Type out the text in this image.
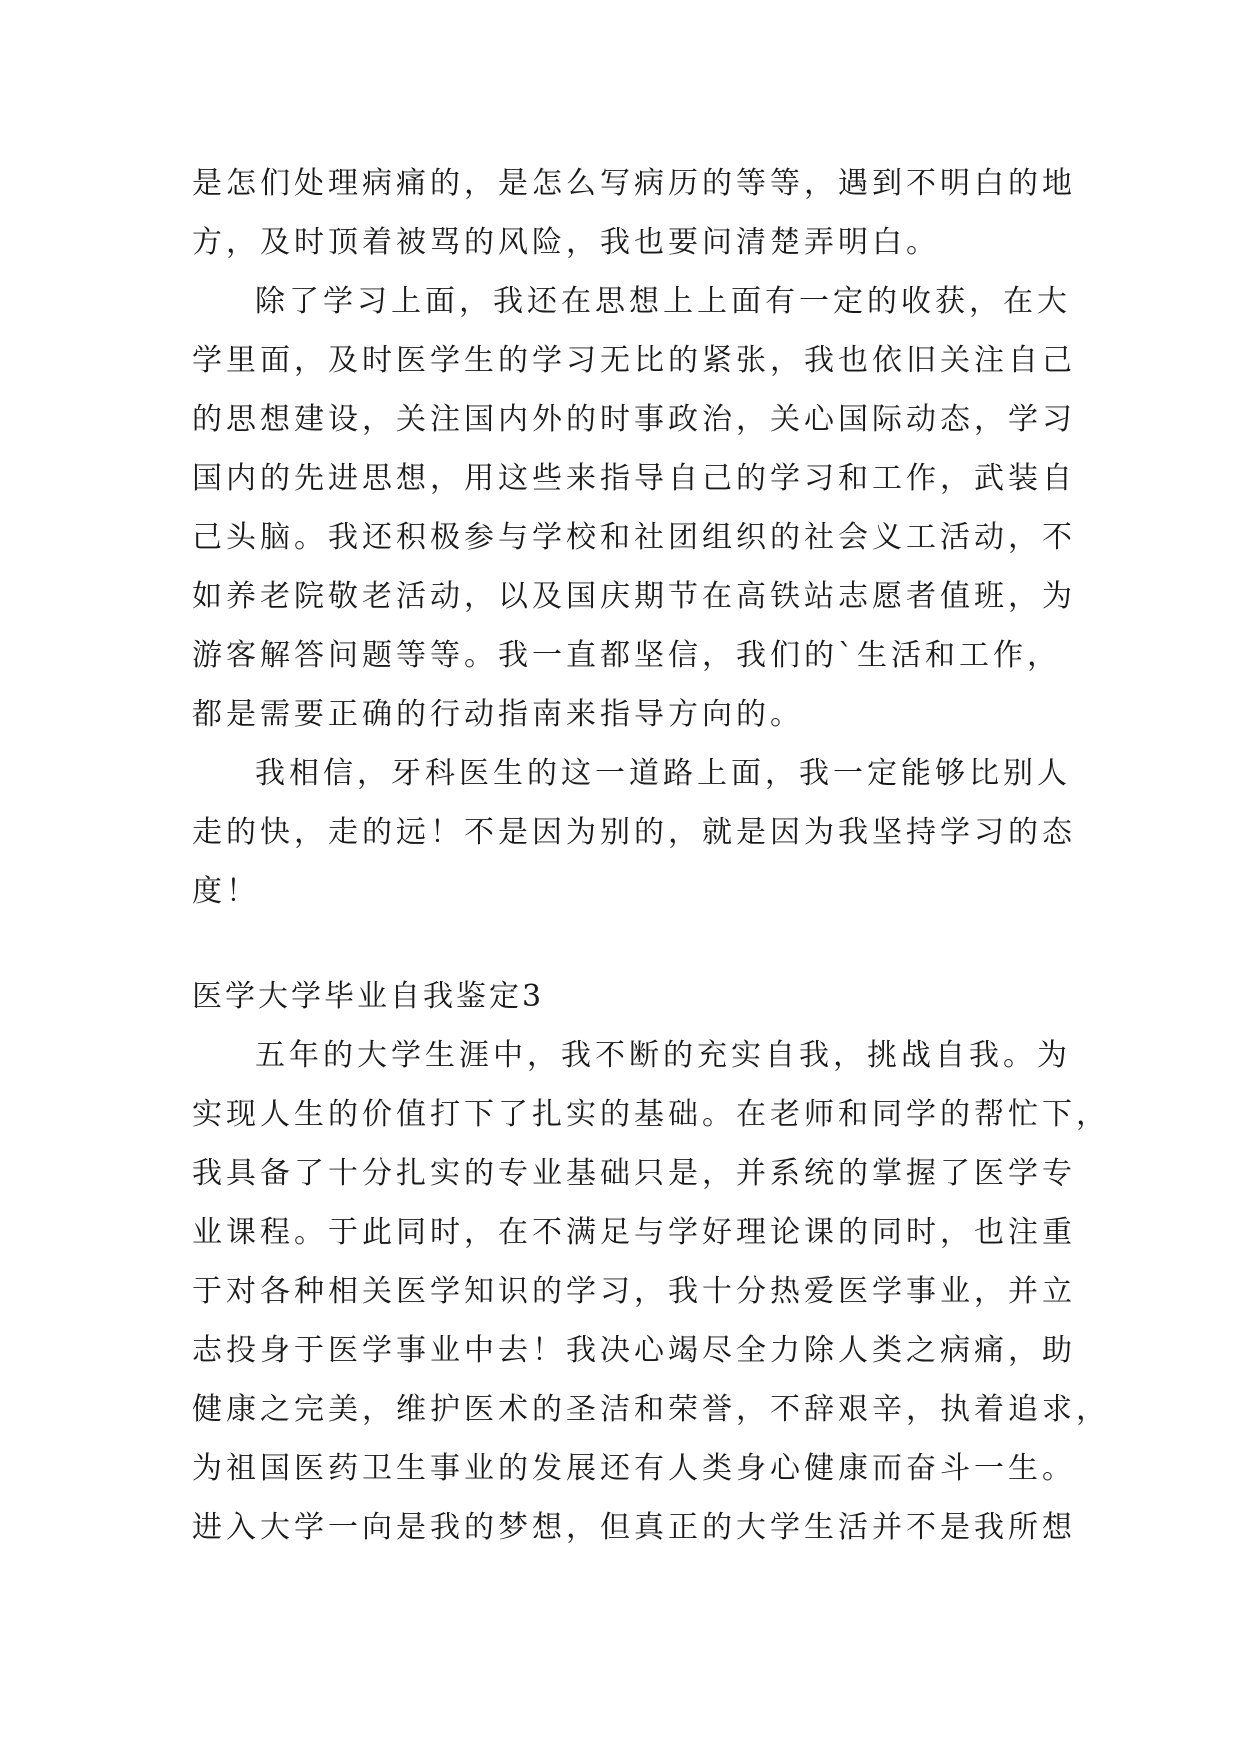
是怎们处理病痛的，是怎么写病历的等等，遇到不明白的地
方，及时顶着被骂的风险，我也要问清楚弄明白。
除了学习上面，我还在思想上上面有一定的收获，在大
学里面，及时医学生的学习无比的紧张，我也依旧关注自己
的思想建设，关注国内外的时事政治，关心国际动态，学习
国内的先进思想，用这些来指导自己的学习和工作，武装自
己头脑。我还积极参与学校和社团组织的社会义工活动，不
如养老院敬老活动，以及国庆期节在高铁站志愿者值班，为
游客解答问题等等。我一直都坚信，我们的`生活和工作，
都是需要正确的行动指南来指导方向的。
我相信，牙科医生的这一道路上面，我一定能够比别人
走的快，走的远！不是因为别的，就是因为我坚持学习的态
度！
医学大学毕业自我鉴定3
五年的大学生涯中，我不断的充实自我，挑战自我。为
实现人生的价值打下了扎实的基础。在老师和同学的帮忙下，
我具备了十分扎实的专业基础只是，并系统的掌握了医学专
业课程。于此同时，在不满足与学好理论课的同时，也注重
于对各种相关医学知识的学习，我十分热爱医学事业，并立
志投身于医学事业中去！我决心竭尽全力除人类之病痛，助
健康之完美，维护医术的圣洁和荣誉，不辞艰辛，执着追求，
为祖国医药卫生事业的发展还有人类身心健康而奋斗一生。
进入大学一向是我的梦想，但真正的大学生活并不是我所想
